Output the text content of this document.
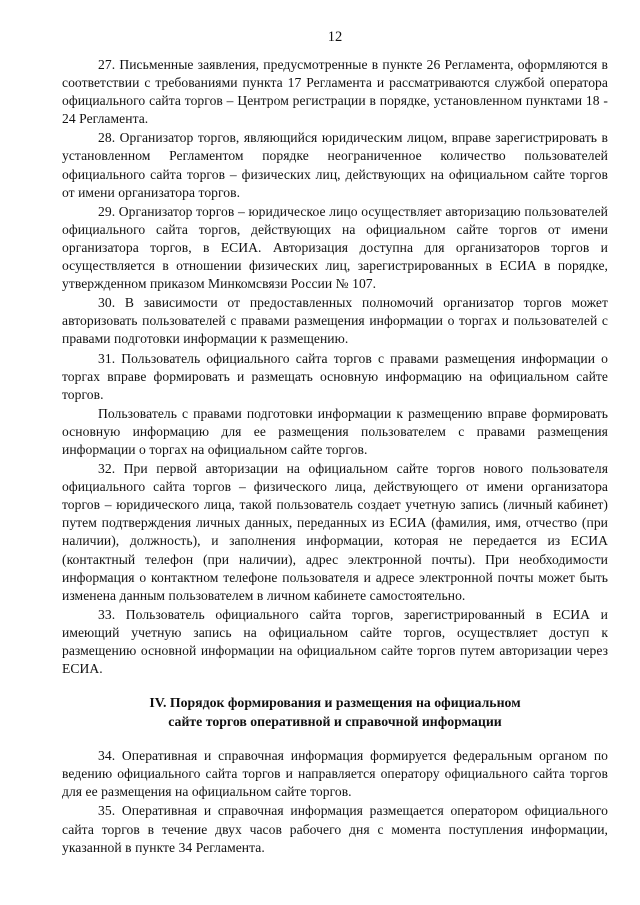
12

27. Письменные заявления, предусмотренные в пункте 26 Регламента, оформляются в соответствии с требованиями пункта 17 Регламента и рассматриваются службой оператора официального сайта торгов – Центром регистрации в порядке, установленном пунктами 18 - 24 Регламента.

28. Организатор торгов, являющийся юридическим лицом, вправе зарегистрировать в установленном Регламентом порядке неограниченное количество пользователей официального сайта торгов – физических лиц, действующих на официальном сайте торгов от имени организатора торгов.

29. Организатор торгов – юридическое лицо осуществляет авторизацию пользователей официального сайта торгов, действующих на официальном сайте торгов от имени организатора торгов, в ЕСИА. Авторизация доступна для организаторов торгов и осуществляется в отношении физических лиц, зарегистрированных в ЕСИА в порядке, утвержденном приказом Минкомсвязи России № 107.

30. В зависимости от предоставленных полномочий организатор торгов может авторизовать пользователей с правами размещения информации о торгах и пользователей с правами подготовки информации к размещению.

31. Пользователь официального сайта торгов с правами размещения информации о торгах вправе формировать и размещать основную информацию на официальном сайте торгов.

Пользователь с правами подготовки информации к размещению вправе формировать основную информацию для ее размещения пользователем с правами размещения информации о торгах на официальном сайте торгов.

32. При первой авторизации на официальном сайте торгов нового пользователя официального сайта торгов – физического лица, действующего от имени организатора торгов – юридического лица, такой пользователь создает учетную запись (личный кабинет) путем подтверждения личных данных, переданных из ЕСИА (фамилия, имя, отчество (при наличии), должность), и заполнения информации, которая не передается из ЕСИА (контактный телефон (при наличии), адрес электронной почты). При необходимости информация о контактном телефоне пользователя и адресе электронной почты может быть изменена данным пользователем в личном кабинете самостоятельно.

33. Пользователь официального сайта торгов, зарегистрированный в ЕСИА и имеющий учетную запись на официальном сайте торгов, осуществляет доступ к размещению основной информации на официальном сайте торгов путем авторизации через ЕСИА.

IV. Порядок формирования и размещения на официальном
сайте торгов оперативной и справочной информации

34. Оперативная и справочная информация формируется федеральным органом по ведению официального сайта торгов и направляется оператору официального сайта торгов для ее размещения на официальном сайте торгов.

35. Оперативная и справочная информация размещается оператором официального сайта торгов в течение двух часов рабочего дня с момента поступления информации, указанной в пункте 34 Регламента.
